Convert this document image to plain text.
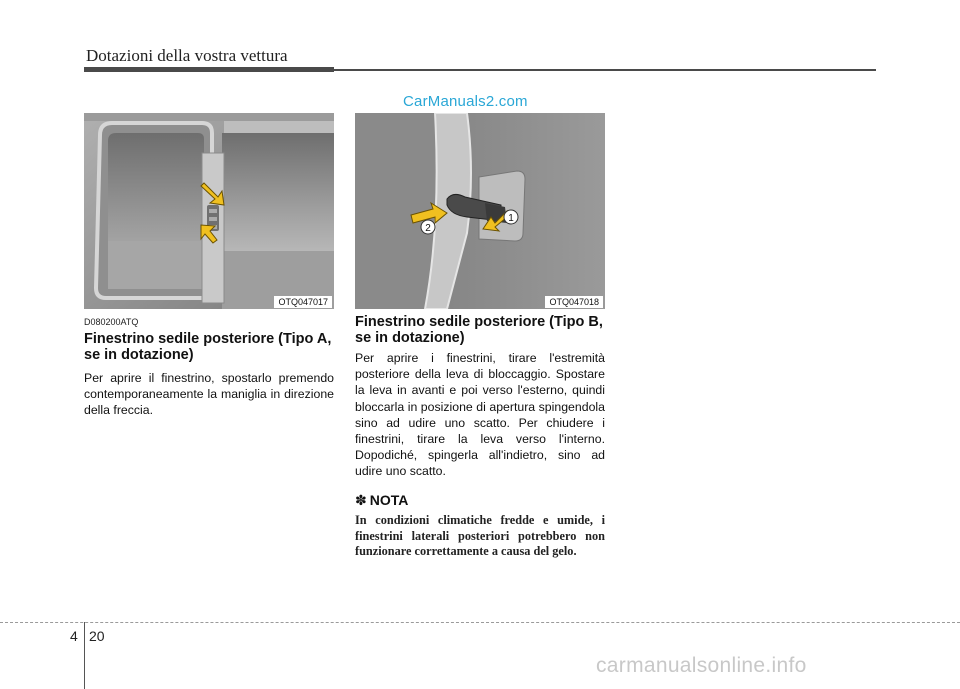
Dotazioni della vostra vettura
CarManuals2.com
OTQ047017
1
2
OTQ047018
D080200ATQ
Finestrino sedile posteriore (Tipo A, se in dotazione)
Per aprire il finestrino, spostarlo premendo contemporaneamente la maniglia in direzione della freccia.
Finestrino sedile posteriore (Tipo B, se in dotazione)
Per aprire i finestrini, tirare l'estremità posteriore della leva di bloccaggio. Spostare la leva in avanti e poi verso l'esterno, quindi bloccarla in posizione di apertura spingendola sino ad udire uno scatto. Per chiudere i finestrini, tirare la leva verso l'interno. Dopodiché, spingerla all'indietro, sino ad udire uno scatto.
✽ NOTA
In condizioni climatiche fredde e umide, i finestrini laterali posteriori potrebbero non funzionare correttamente a causa del gelo.
4 20
carmanualsonline.info
